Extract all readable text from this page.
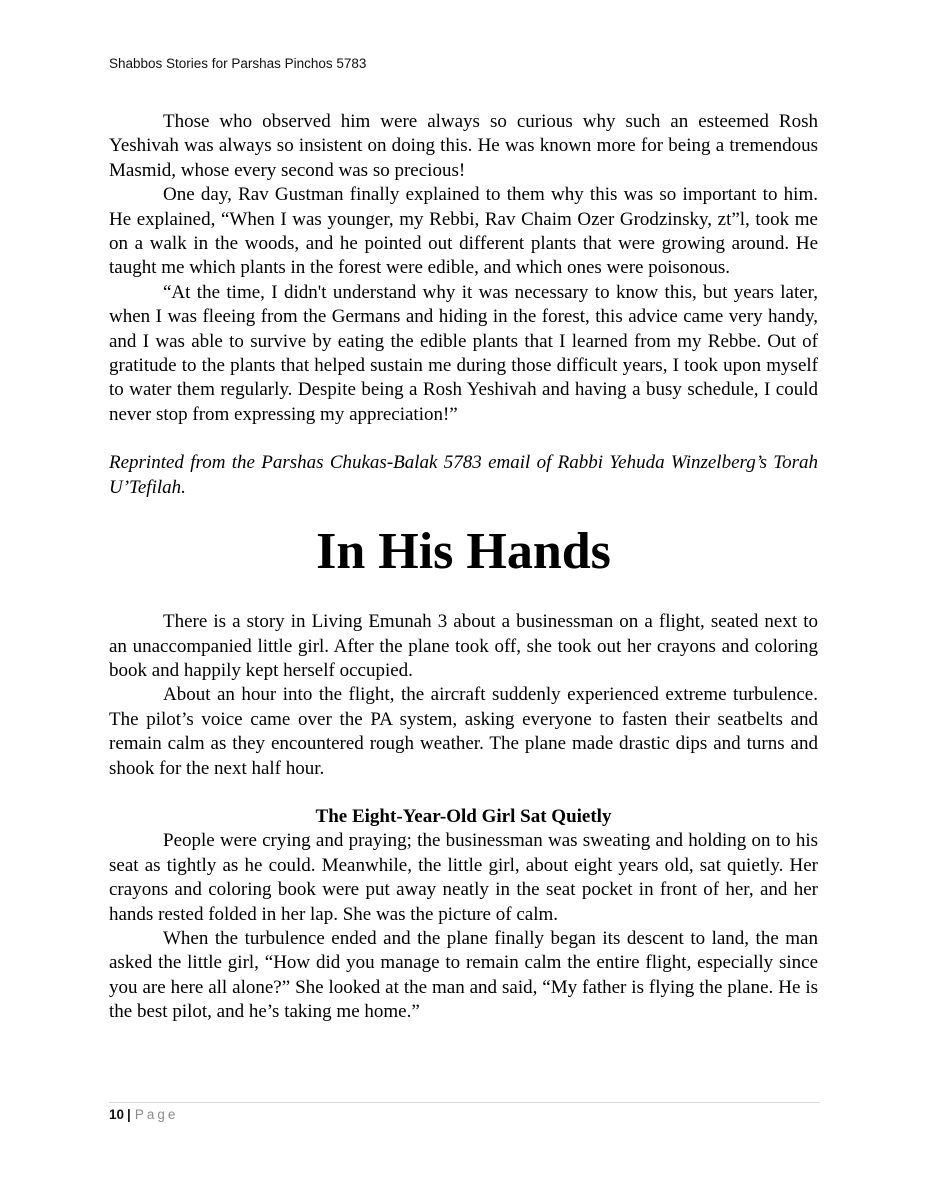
Shabbos Stories for Parshas Pinchos 5783

Those who observed him were always so curious why such an esteemed Rosh Yeshivah was always so insistent on doing this. He was known more for being a tremendous Masmid, whose every second was so precious!

One day, Rav Gustman finally explained to them why this was so important to him. He explained, “When I was younger, my Rebbi, Rav Chaim Ozer Grodzinsky, zt”l, took me on a walk in the woods, and he pointed out different plants that were growing around. He taught me which plants in the forest were edible, and which ones were poisonous.

“At the time, I didn't understand why it was necessary to know this, but years later, when I was fleeing from the Germans and hiding in the forest, this advice came very handy, and I was able to survive by eating the edible plants that I learned from my Rebbe. Out of gratitude to the plants that helped sustain me during those difficult years, I took upon myself to water them regularly. Despite being a Rosh Yeshivah and having a busy schedule, I could never stop from expressing my appreciation!”

Reprinted from the Parshas Chukas-Balak 5783 email of Rabbi Yehuda Winzelberg’s Torah U’Tefilah.

In His Hands

There is a story in Living Emunah 3 about a businessman on a flight, seated next to an unaccompanied little girl. After the plane took off, she took out her crayons and coloring book and happily kept herself occupied.

About an hour into the flight, the aircraft suddenly experienced extreme turbulence. The pilot’s voice came over the PA system, asking everyone to fasten their seatbelts and remain calm as they encountered rough weather. The plane made drastic dips and turns and shook for the next half hour.

The Eight-Year-Old Girl Sat Quietly

People were crying and praying; the businessman was sweating and holding on to his seat as tightly as he could. Meanwhile, the little girl, about eight years old, sat quietly. Her crayons and coloring book were put away neatly in the seat pocket in front of her, and her hands rested folded in her lap. She was the picture of calm.

When the turbulence ended and the plane finally began its descent to land, the man asked the little girl, “How did you manage to remain calm the entire flight, especially since you are here all alone?” She looked at the man and said, “My father is flying the plane. He is the best pilot, and he’s taking me home.”

10 | Page
